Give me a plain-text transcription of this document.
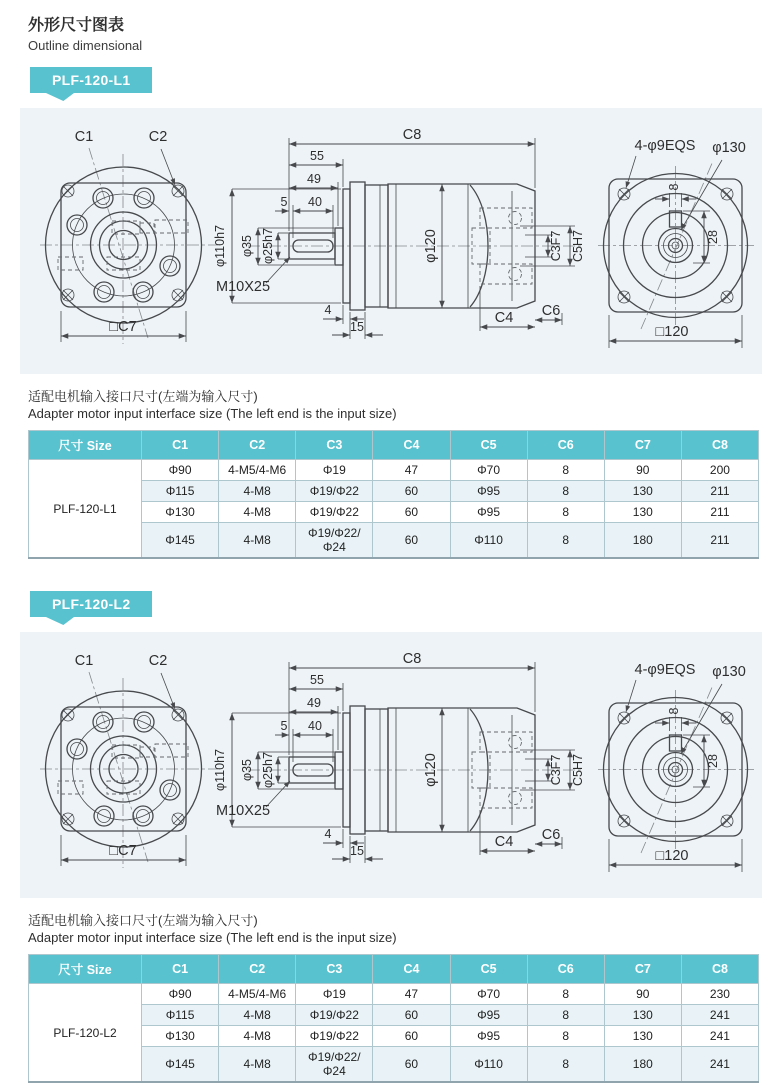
外形尺寸图表
Outline dimensional
PLF-120-L1
C1	C2
□C7
C8
55
49
5 40
φ110h7 φ35 φ25h7
M10X25
φ120	C3F7 C5H7
4
15
C4 C6
4-φ9EQS φ130
8
28
□120
适配电机输入接口尺寸(左端为输入尺寸)
Adapter motor input interface size (The left end is the input size)
尺寸 Size	C1	C2	C3	C4	C5	C6	C7	C8
PLF-120-L1	Φ90	4-M5/4-M6	Φ19	47	Φ70	8	90	200
	Φ115	4-M8	Φ19/Φ22	60	Φ95	8	130	211
	Φ130	4-M8	Φ19/Φ22	60	Φ95	8	130	211
	Φ145	4-M8	Φ19/Φ22/Φ24	60	Φ110	8	180	211
PLF-120-L2
适配电机输入接口尺寸(左端为输入尺寸)
Adapter motor input interface size (The left end is the input size)
尺寸 Size	C1	C2	C3	C4	C5	C6	C7	C8
PLF-120-L2	Φ90	4-M5/4-M6	Φ19	47	Φ70	8	90	230
	Φ115	4-M8	Φ19/Φ22	60	Φ95	8	130	241
	Φ130	4-M8	Φ19/Φ22	60	Φ95	8	130	241
	Φ145	4-M8	Φ19/Φ22/Φ24	60	Φ110	8	180	241
